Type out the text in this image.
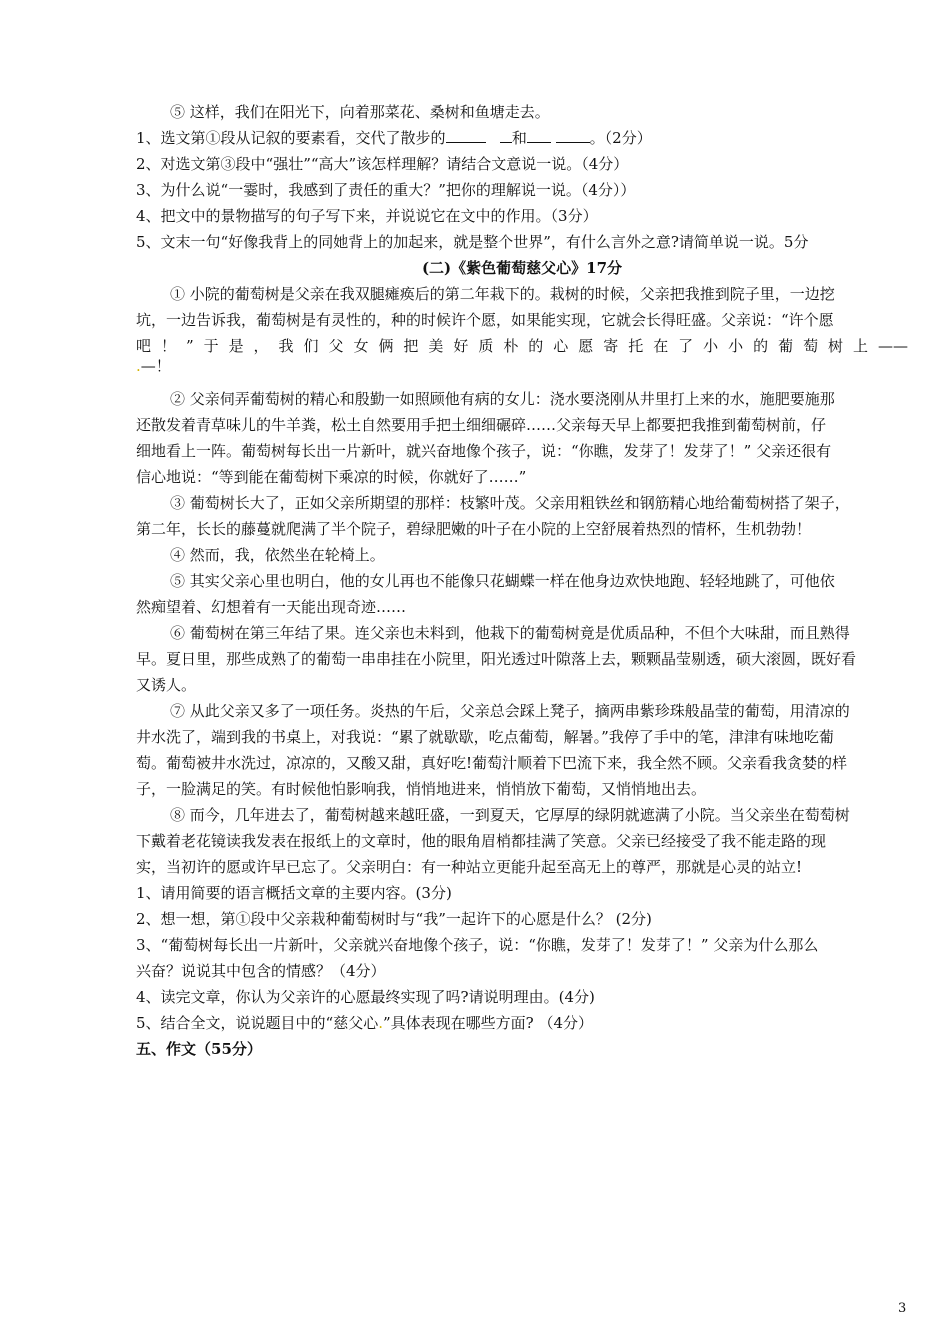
⑤ 这样，我们在阳光下，向着那菜花、桑树和鱼塘走去。
1、选文第①段从记叙的要素看，交代了散步的	和	。（2分）
2、对选文第③段中“强壮”“高大”该怎样理解？请结合文意说一说。（4分）
3、为什么说“一霎时，我感到了责任的重大？”把你的理解说一说。（4分））
4、把文中的景物描写的句子写下来，并说说它在文中的作用。（3分）
5、文末一句“好像我背上的同她背上的加起来，就是整个世界”，有什么言外之意?请简单说一说。5分
(二)《紫色葡萄慈父心》17分
① 小院的葡萄树是父亲在我双腿瘫痪后的第二年栽下的。栽树的时候，父亲把我推到院子里，一边挖
坑，一边告诉我，葡萄树是有灵性的，种的时候许个愿，如果能实现，它就会长得旺盛。父亲说：“许个愿
吧！”于是，我们父女俩把美好质朴的心愿寄托在了小小的葡萄树上——
.—！
② 父亲伺弄葡萄树的精心和殷勤一如照顾他有病的女儿：浇水要浇刚从井里打上来的水，施肥要施那
还散发着青草味儿的牛羊粪，松土自然要用手把土细细碾碎……父亲每天早上都要把我推到葡萄树前，仔
细地看上一阵。葡萄树每长出一片新叶，就兴奋地像个孩子，说：“你瞧，发芽了！发芽了！” 父亲还很有
信心地说：“等到能在葡萄树下乘凉的时候，你就好了……”
③ 葡萄树长大了，正如父亲所期望的那样：枝繁叶茂。父亲用粗铁丝和钢筋精心地给葡萄树搭了架子，
第二年，长长的藤蔓就爬满了半个院子，碧绿肥嫩的叶子在小院的上空舒展着热烈的情杯，生机勃勃！
④ 然而，我，依然坐在轮椅上。
⑤ 其实父亲心里也明白，他的女儿再也不能像只花蝴蝶一样在他身边欢快地跑、轻轻地跳了，可他依
然痴望着、幻想着有一天能出现奇迹……
⑥ 葡萄树在第三年结了果。连父亲也未料到，他栽下的葡萄树竟是优质品种，不但个大味甜，而且熟得
早。夏日里，那些成熟了的葡萄一串串挂在小院里，阳光透过叶隙落上去，颗颗晶莹剔透，硕大滚圆，既好看
又诱人。
⑦ 从此父亲又多了一项任务。炎热的午后，父亲总会踩上凳子，摘两串紫珍珠般晶莹的葡萄，用清凉的
井水洗了，端到我的书桌上，对我说：“累了就歇歇，吃点葡萄，解暑。”我停了手中的笔，津津有味地吃葡
萄。葡萄被井水洗过，凉凉的，又酸又甜，真好吃!葡萄汁顺着下巴流下来，我全然不顾。父亲看我贪婪的样
子，一脸满足的笑。有时候他怕影响我，悄悄地进来，悄悄放下葡萄，又悄悄地出去。
⑧ 而今，几年进去了，葡萄树越来越旺盛，一到夏天，它厚厚的绿阴就遮满了小院。当父亲坐在萄萄树
下戴着老花镜读我发表在报纸上的文章时，他的眼角眉梢都挂满了笑意。父亲已经接受了我不能走路的现
实，当初许的愿或许早已忘了。父亲明白：有一种站立更能升起至高无上的尊严，那就是心灵的站立!
1、请用简要的语言概括文章的主要内容。(3分)
2、想一想，第①段中父亲栽种葡萄树时与“我”一起许下的心愿是什么？ (2分)
3、“葡萄树每长出一片新叶，父亲就兴奋地像个孩子，说：“你瞧，发芽了！发芽了！” 父亲为什么那么
兴奋？说说其中包含的情感？（4分）
4、读完文章，你认为父亲许的心愿最终实现了吗?请说明理由。(4分)
5、结合全文，说说题目中的“慈父心.”具体表现在哪些方面? （4分）
五、作文（55分）
3
